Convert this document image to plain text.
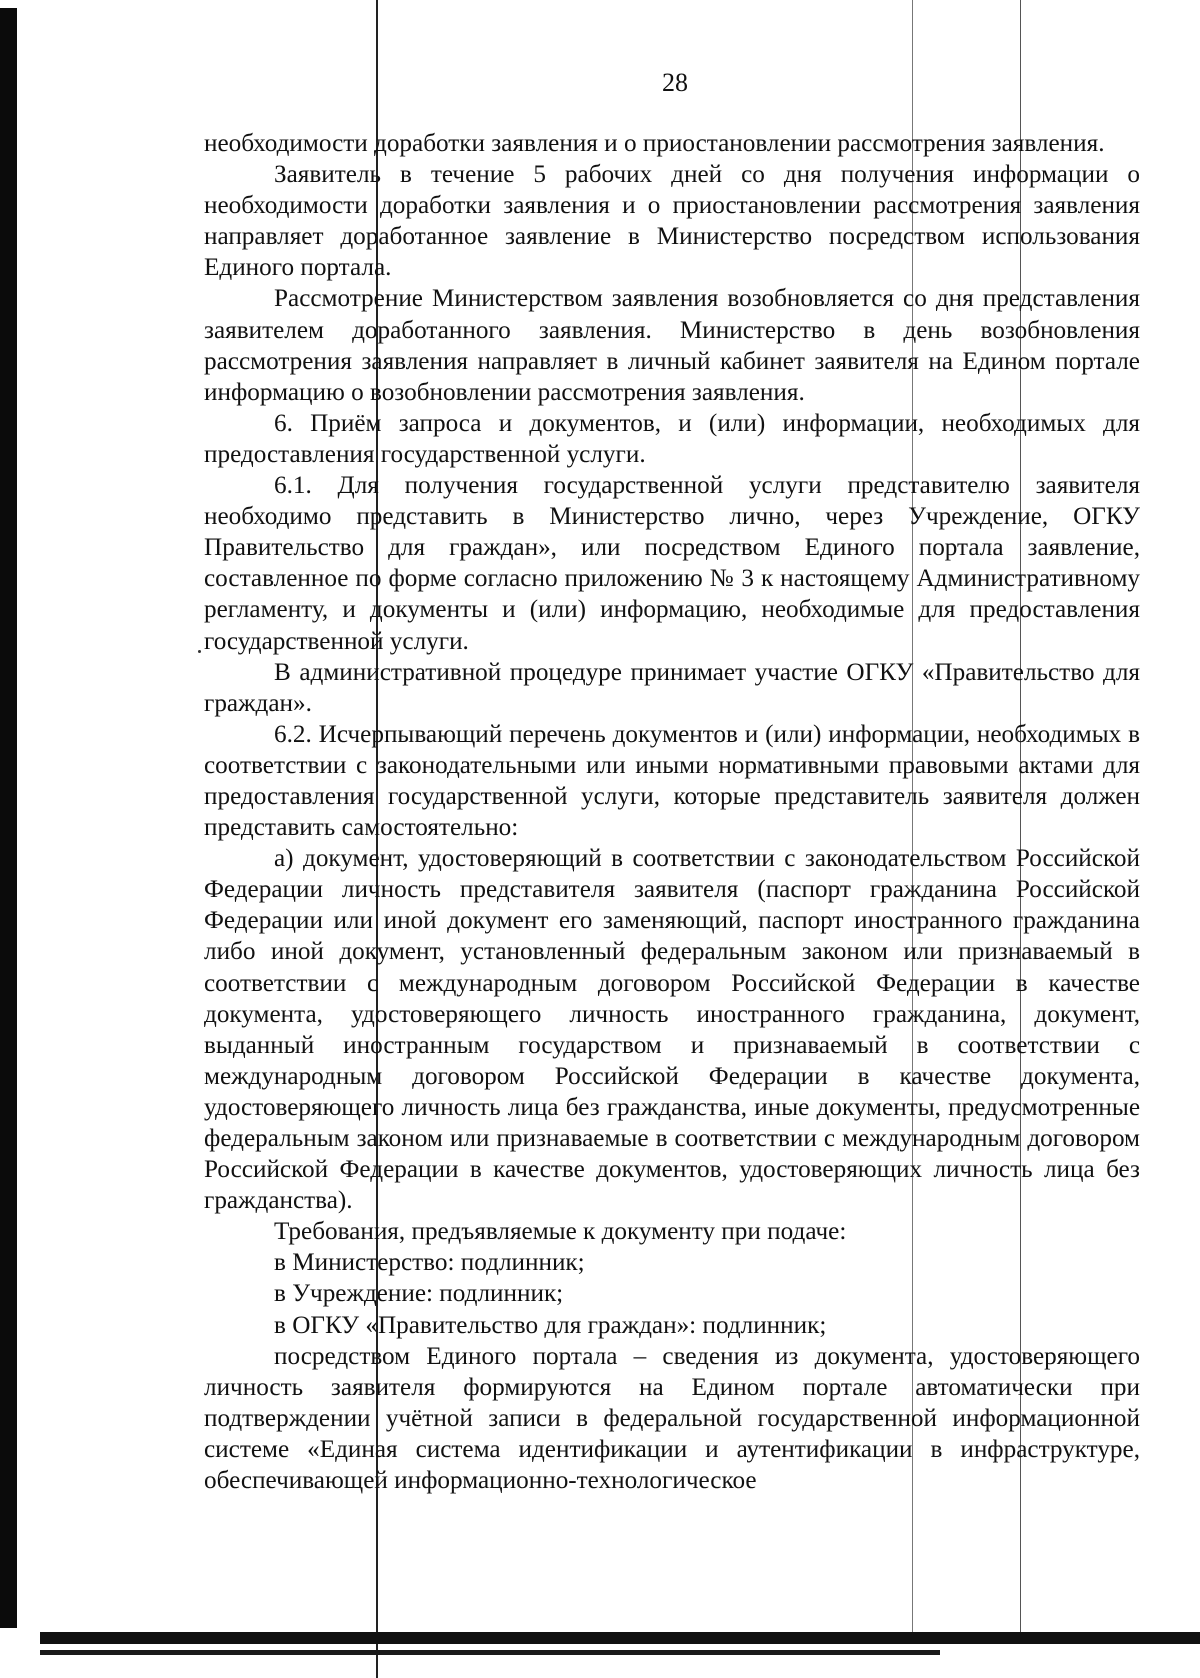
28

необходимости доработки заявления и о приостановлении рассмотрения заявления.

Заявитель в течение 5 рабочих дней со дня получения информации о необходимости доработки заявления и о приостановлении рассмотрения заявления направляет доработанное заявление в Министерство посредством использования Единого портала.

Рассмотрение Министерством заявления возобновляется со дня представления заявителем доработанного заявления. Министерство в день возобновления рассмотрения заявления направляет в личный кабинет заявителя на Едином портале информацию о возобновлении рассмотрения заявления.

6. Приём запроса и документов, и (или) информации, необходимых для предоставления государственной услуги.

6.1. Для получения государственной услуги представителю заявителя необходимо представить в Министерство лично, через Учреждение, ОГКУ Правительство для граждан», или посредством Единого портала заявление, составленное по форме согласно приложению № 3 к настоящему Административному регламенту, и документы и (или) информацию, необходимые для предоставления государственной услуги.

В административной процедуре принимает участие ОГКУ «Правительство для граждан».

6.2. Исчерпывающий перечень документов и (или) информации, необходимых в соответствии с законодательными или иными нормативными правовыми актами для предоставления государственной услуги, которые представитель заявителя должен представить самостоятельно:

а) документ, удостоверяющий в соответствии с законодательством Российской Федерации личность представителя заявителя (паспорт гражданина Российской Федерации или иной документ его заменяющий, паспорт иностранного гражданина либо иной документ, установленный федеральным законом или признаваемый в соответствии с международным договором Российской Федерации в качестве документа, удостоверяющего личность иностранного гражданина, документ, выданный иностранным государством и признаваемый в соответствии с международным договором Российской Федерации в качестве документа, удостоверяющего личность лица без гражданства, иные документы, предусмотренные федеральным законом или признаваемые в соответствии с международным договором Российской Федерации в качестве документов, удостоверяющих личность лица без гражданства).

Требования, предъявляемые к документу при подаче:

в Министерство: подлинник;

в Учреждение: подлинник;

в ОГКУ «Правительство для граждан»: подлинник;

посредством Единого портала – сведения из документа, удостоверяющего личность заявителя формируются на Едином портале автоматически при подтверждении учётной записи в федеральной государственной информационной системе «Единая система идентификации и аутентификации в инфраструктуре, обеспечивающей информационно-технологическое
